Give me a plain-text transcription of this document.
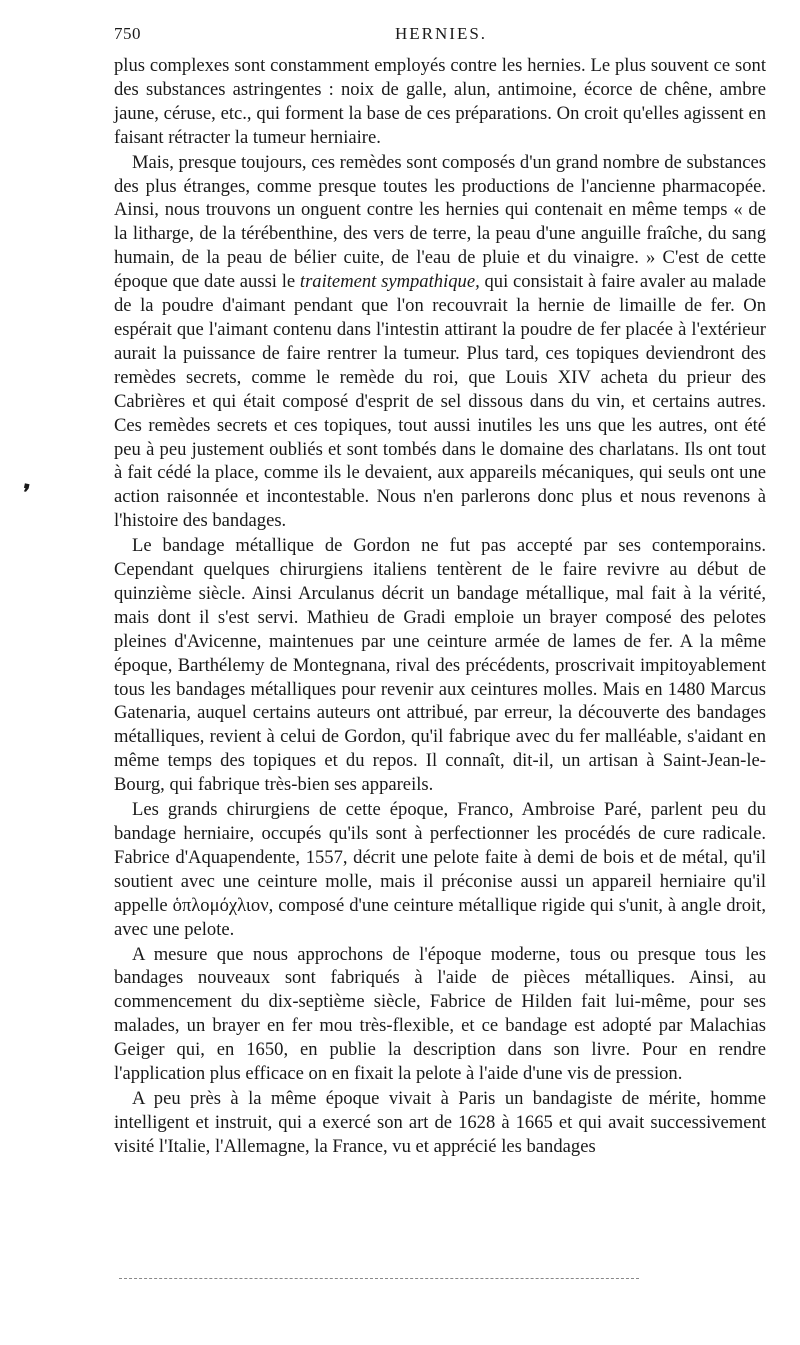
❜
750	HERNIES.

plus complexes sont constamment employés contre les hernies. Le plus souvent ce sont des substances astringentes : noix de galle, alun, antimoine, écorce de chêne, ambre jaune, céruse, etc., qui forment la base de ces préparations. On croit qu'elles agissent en faisant rétracter la tumeur herniaire.

Mais, presque toujours, ces remèdes sont composés d'un grand nombre de substances des plus étranges, comme presque toutes les productions de l'ancienne pharmacopée. Ainsi, nous trouvons un onguent contre les hernies qui contenait en même temps « de la litharge, de la térébenthine, des vers de terre, la peau d'une anguille fraîche, du sang humain, de la peau de bélier cuite, de l'eau de pluie et du vinaigre. » C'est de cette époque que date aussi le traitement sympathique, qui consistait à faire avaler au malade de la poudre d'aimant pendant que l'on recouvrait la hernie de limaille de fer. On espérait que l'aimant contenu dans l'intestin attirant la poudre de fer placée à l'extérieur aurait la puissance de faire rentrer la tumeur. Plus tard, ces topiques deviendront des remèdes secrets, comme le remède du roi, que Louis XIV acheta du prieur des Cabrières et qui était composé d'esprit de sel dissous dans du vin, et certains autres. Ces remèdes secrets et ces topiques, tout aussi inutiles les uns que les autres, ont été peu à peu justement oubliés et sont tombés dans le domaine des charlatans. Ils ont tout à fait cédé la place, comme ils le devaient, aux appareils mécaniques, qui seuls ont une action raisonnée et incontestable. Nous n'en parlerons donc plus et nous revenons à l'histoire des bandages.

Le bandage métallique de Gordon ne fut pas accepté par ses contemporains. Cependant quelques chirurgiens italiens tentèrent de le faire revivre au début de quinzième siècle. Ainsi Arculanus décrit un bandage métallique, mal fait à la vérité, mais dont il s'est servi. Mathieu de Gradi emploie un brayer composé des pelotes pleines d'Avicenne, maintenues par une ceinture armée de lames de fer. A la même époque, Barthélemy de Montegnana, rival des précédents, proscrivait impitoyablement tous les bandages métalliques pour revenir aux ceintures molles. Mais en 1480 Marcus Gatenaria, auquel certains auteurs ont attribué, par erreur, la découverte des bandages métalliques, revient à celui de Gordon, qu'il fabrique avec du fer malléable, s'aidant en même temps des topiques et du repos. Il connaît, dit-il, un artisan à Saint-Jean-le-Bourg, qui fabrique très-bien ses appareils.

Les grands chirurgiens de cette époque, Franco, Ambroise Paré, parlent peu du bandage herniaire, occupés qu'ils sont à perfectionner les procédés de cure radicale. Fabrice d'Aquapendente, 1557, décrit une pelote faite à demi de bois et de métal, qu'il soutient avec une ceinture molle, mais il préconise aussi un appareil herniaire qu'il appelle ὁπλομόχλιον, composé d'une ceinture métallique rigide qui s'unit, à angle droit, avec une pelote.

A mesure que nous approchons de l'époque moderne, tous ou presque tous les bandages nouveaux sont fabriqués à l'aide de pièces métalliques. Ainsi, au commencement du dix-septième siècle, Fabrice de Hilden fait lui-même, pour ses malades, un brayer en fer mou très-flexible, et ce bandage est adopté par Malachias Geiger qui, en 1650, en publie la description dans son livre. Pour en rendre l'application plus efficace on en fixait la pelote à l'aide d'une vis de pression.

A peu près à la même époque vivait à Paris un bandagiste de mérite, homme intelligent et instruit, qui a exercé son art de 1628 à 1665 et qui avait successivement visité l'Italie, l'Allemagne, la France, vu et apprécié les bandages
